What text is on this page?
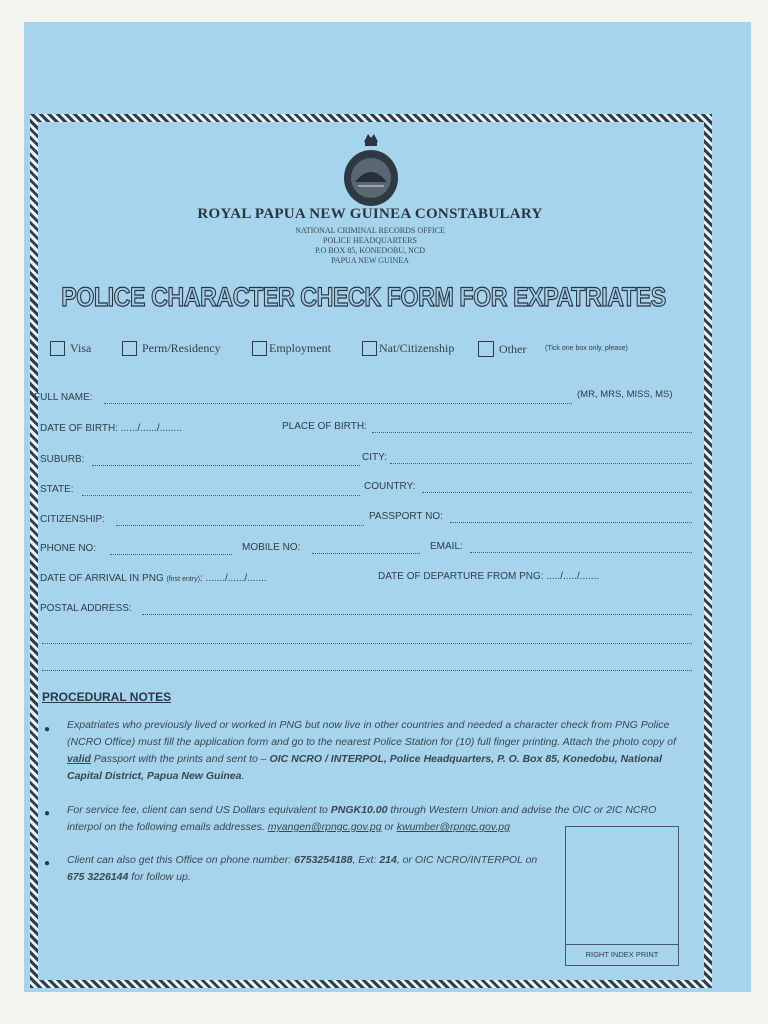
ROYAL PAPUA NEW GUINEA CONSTABULARY
NATIONAL CRIMINAL RECORDS OFFICE
POLICE HEADQUARTERS
P.O BOX 85, KONEDOBU, NCD
PAPUA NEW GUINEA
POLICE CHARACTER CHECK FORM FOR EXPATRIATES
Visa	Perm/Residency	Employment	Nat/Citizenship	Other	(Tick one box only, please)
FULL NAME:	(MR, MRS, MISS, MS)
DATE OF BIRTH: ....../....../........	PLACE OF BIRTH:
SUBURB:	CITY:
STATE:	COUNTRY:
CITIZENSHIP:	PASSPORT NO:
PHONE NO:	MOBILE NO:	EMAIL:
DATE OF ARRIVAL IN PNG (first entry): ......./....../.......	DATE OF DEPARTURE FROM PNG: ...../...../.......
POSTAL ADDRESS:
PROCEDURAL NOTES
● Expatriates who previously lived or worked in PNG but now live in other countries and needed a character check from PNG Police (NCRO Office) must fill the application form and go to the nearest Police Station for (10) full finger printing. Attach the photo copy of valid Passport with the prints and sent to – OIC NCRO / INTERPOL, Police Headquarters, P. O. Box 85, Konedobu, National Capital District, Papua New Guinea.
● For service fee, client can send US Dollars equivalent to PNGK10.00 through Western Union and advise the OIC or 2IC NCRO interpol on the following emails addresses. myangen@rpngc.gov.pg or kwumber@rpngc.gov.pg
● Client can also get this Office on phone number: 6753254188, Ext: 214, or OIC NCRO/INTERPOL on 675 3226144 for follow up.
RIGHT INDEX PRINT
